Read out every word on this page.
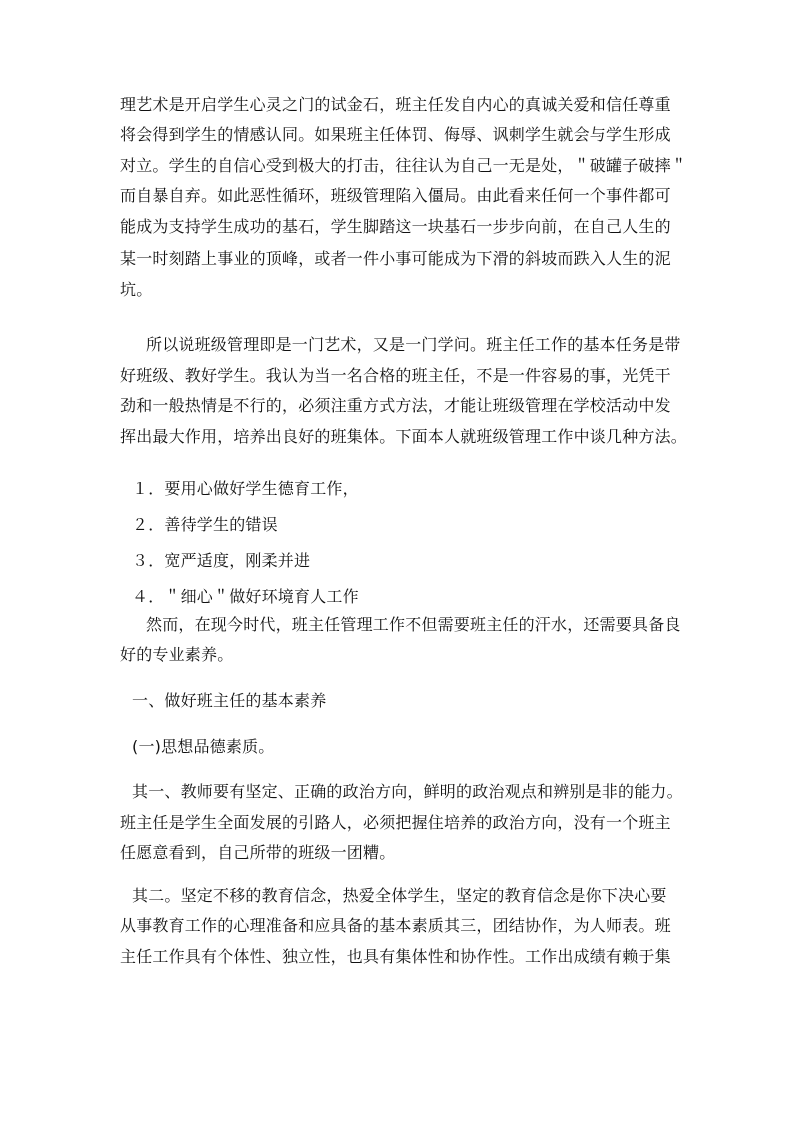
理艺术是开启学生心灵之门的试金石，班主任发自内心的真诚关爱和信任尊重
将会得到学生的情感认同。如果班主任体罚、侮辱、讽刺学生就会与学生形成
对立。学生的自信心受到极大的打击，往往认为自己一无是处，＂破罐子破摔＂
而自暴自弃。如此恶性循环，班级管理陷入僵局。由此看来任何一个事件都可
能成为支持学生成功的基石，学生脚踏这一块基石一步步向前，在自己人生的
某一时刻踏上事业的顶峰，或者一件小事可能成为下滑的斜坡而跌入人生的泥
坑。
所以说班级管理即是一门艺术，又是一门学问。班主任工作的基本任务是带
好班级、教好学生。我认为当一名合格的班主任，不是一件容易的事，光凭干
劲和一般热情是不行的，必须注重方式方法，才能让班级管理在学校活动中发
挥出最大作用，培养出良好的班集体。下面本人就班级管理工作中谈几种方法。
１．要用心做好学生德育工作，
２．善待学生的错误
３．宽严适度，刚柔并进
４．＂细心＂做好环境育人工作
然而，在现今时代，班主任管理工作不但需要班主任的汗水，还需要具备良
好的专业素养。
一、做好班主任的基本素养
(一)思想品德素质。
其一、教师要有坚定、正确的政治方向，鲜明的政治观点和辨别是非的能力。
班主任是学生全面发展的引路人，必须把握住培养的政治方向，没有一个班主
任愿意看到，自己所带的班级一团糟。
其二。坚定不移的教育信念，热爱全体学生，坚定的教育信念是你下决心要
从事教育工作的心理准备和应具备的基本素质其三，团结协作，为人师表。班
主任工作具有个体性、独立性，也具有集体性和协作性。工作出成绩有赖于集
